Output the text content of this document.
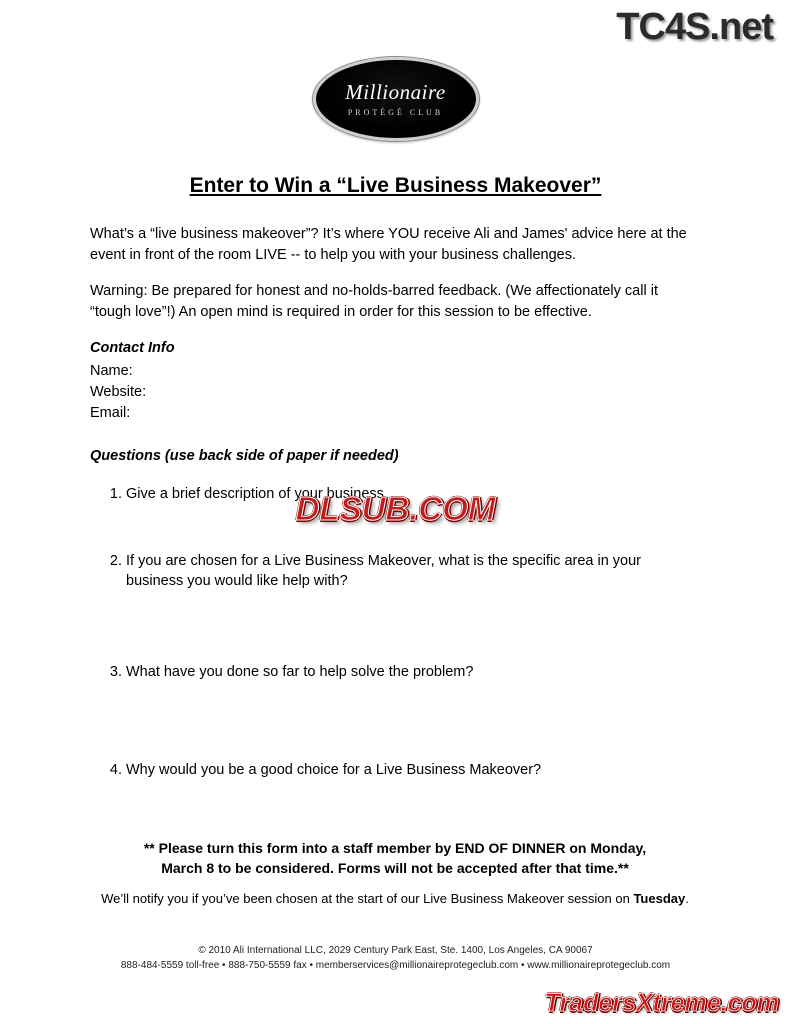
TC4S.net
Millionaire
PROTÉGÉ CLUB
Enter to Win a “Live Business Makeover”

What’s a “live business makeover”? It’s where YOU receive Ali and James' advice here at the event in front of the room LIVE -- to help you with your business challenges.

Warning: Be prepared for honest and no-holds-barred feedback. (We affectionately call it “tough love”!) An open mind is required in order for this session to be effective.

Contact Info
Name:
Website:
Email:
Questions (use back side of paper if needed)
1. Give a brief description of your business.
2. If you are chosen for a Live Business Makeover, what is the specific area in your business you would like help with?
3. What have you done so far to help solve the problem?
4. Why would you be a good choice for a Live Business Makeover?
DLSUB.COM
** Please turn this form into a staff member by END OF DINNER on Monday,
March 8 to be considered. Forms will not be accepted after that time.**
We’ll notify you if you’ve been chosen at the start of our Live Business Makeover session on Tuesday.
© 2010 Ali International LLC, 2029 Century Park East, Ste. 1400, Los Angeles, CA 90067
888-484-5559 toll-free • 888-750-5559 fax • memberservices@millionaireprotegeclub.com • www.millionaireprotegeclub.com
TradersXtreme.com
